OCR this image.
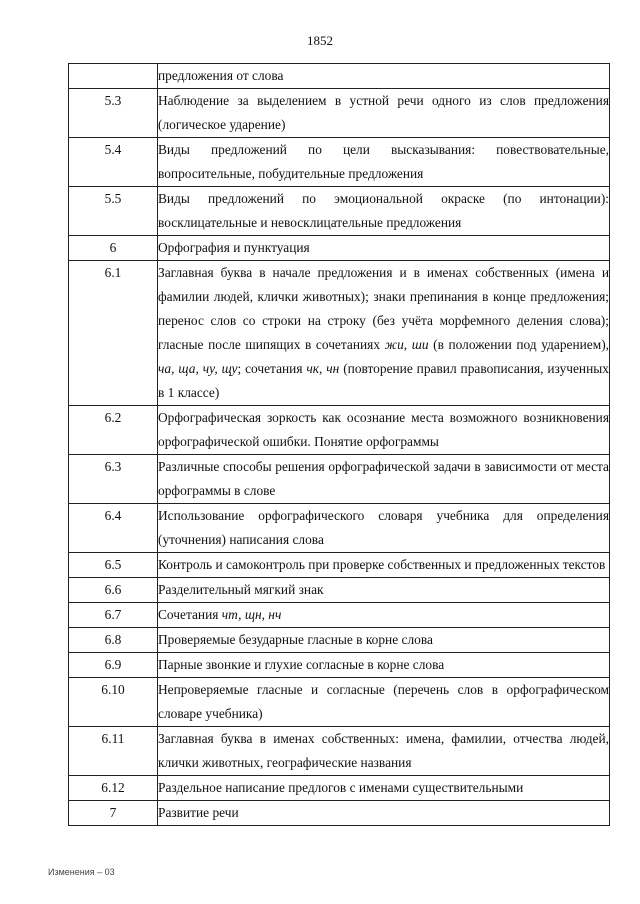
1852
	предложения от слова
5.3	Наблюдение за выделением в устной речи одного из слов предложения (логическое ударение)
5.4	Виды предложений по цели высказывания: повествовательные, вопросительные, побудительные предложения
5.5	Виды предложений по эмоциональной окраске (по интонации): восклицательные и невосклицательные предложения
6	Орфография и пунктуация
6.1	Заглавная буква в начале предложения и в именах собственных (имена и фамилии людей, клички животных); знаки препинания в конце предложения; перенос слов со строки на строку (без учёта морфемного деления слова); гласные после шипящих в сочетаниях жи, ши (в положении под ударением), ча, ща, чу, щу; сочетания чк, чн (повторение правил правописания, изученных в 1 классе)
6.2	Орфографическая зоркость как осознание места возможного возникновения орфографической ошибки. Понятие орфограммы
6.3	Различные способы решения орфографической задачи в зависимости от места орфограммы в слове
6.4	Использование орфографического словаря учебника для определения (уточнения) написания слова
6.5	Контроль и самоконтроль при проверке собственных и предложенных текстов
6.6	Разделительный мягкий знак
6.7	Сочетания чт, щн, нч
6.8	Проверяемые безударные гласные в корне слова
6.9	Парные звонкие и глухие согласные в корне слова
6.10	Непроверяемые гласные и согласные (перечень слов в орфографическом словаре учебника)
6.11	Заглавная буква в именах собственных: имена, фамилии, отчества людей, клички животных, географические названия
6.12	Раздельное написание предлогов с именами существительными
7	Развитие речи
Изменения – 03
